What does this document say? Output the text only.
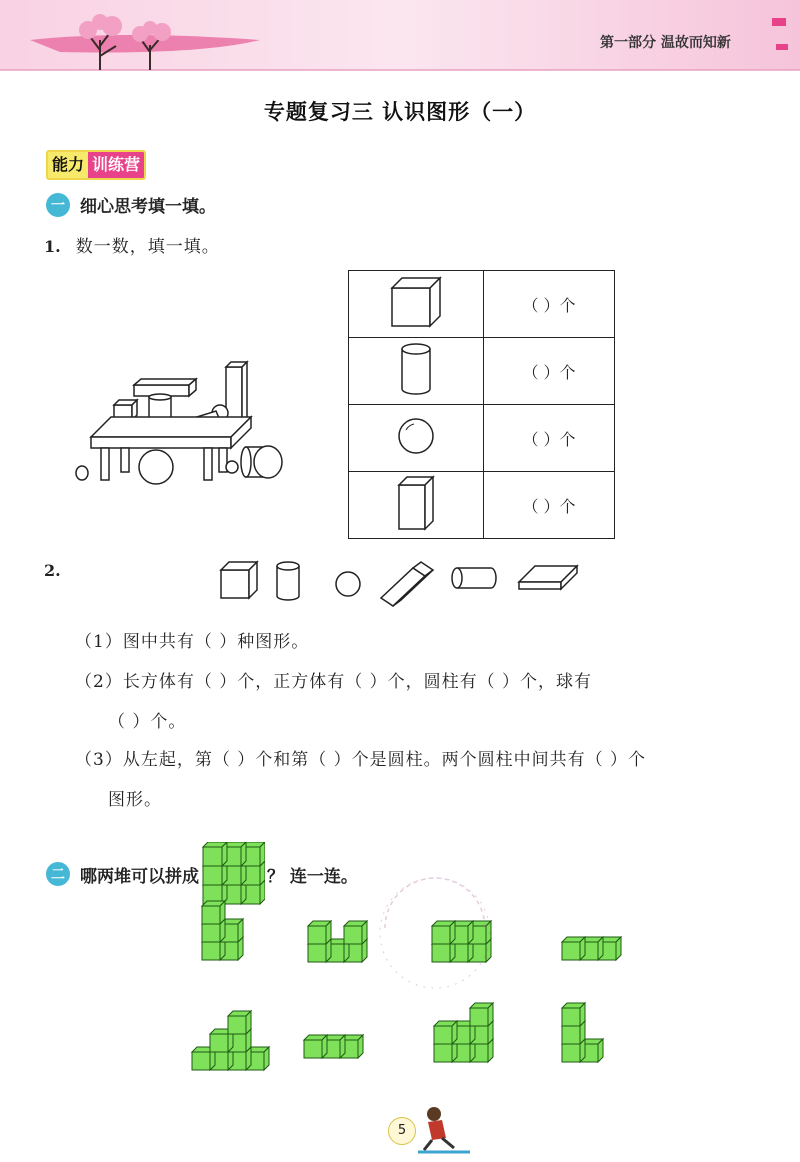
第一部分 温故而知新
专题复习三 认识图形（一）
能力 训练营
一 细心思考填一填。
1. 数一数，填一填。
	（ ）个
	（ ）个
	（ ）个
	（ ）个
2.
（1）图中共有（ ）种图形。
（2）长方体有（ ）个，正方体有（ ）个，圆柱有（ ）个，球有
（ ）个。
（3）从左起，第（ ）个和第（ ）个是圆柱。两个圆柱中间共有（ ）个
图形。
二 哪两堆可以拼成	？ 连一连。
5
